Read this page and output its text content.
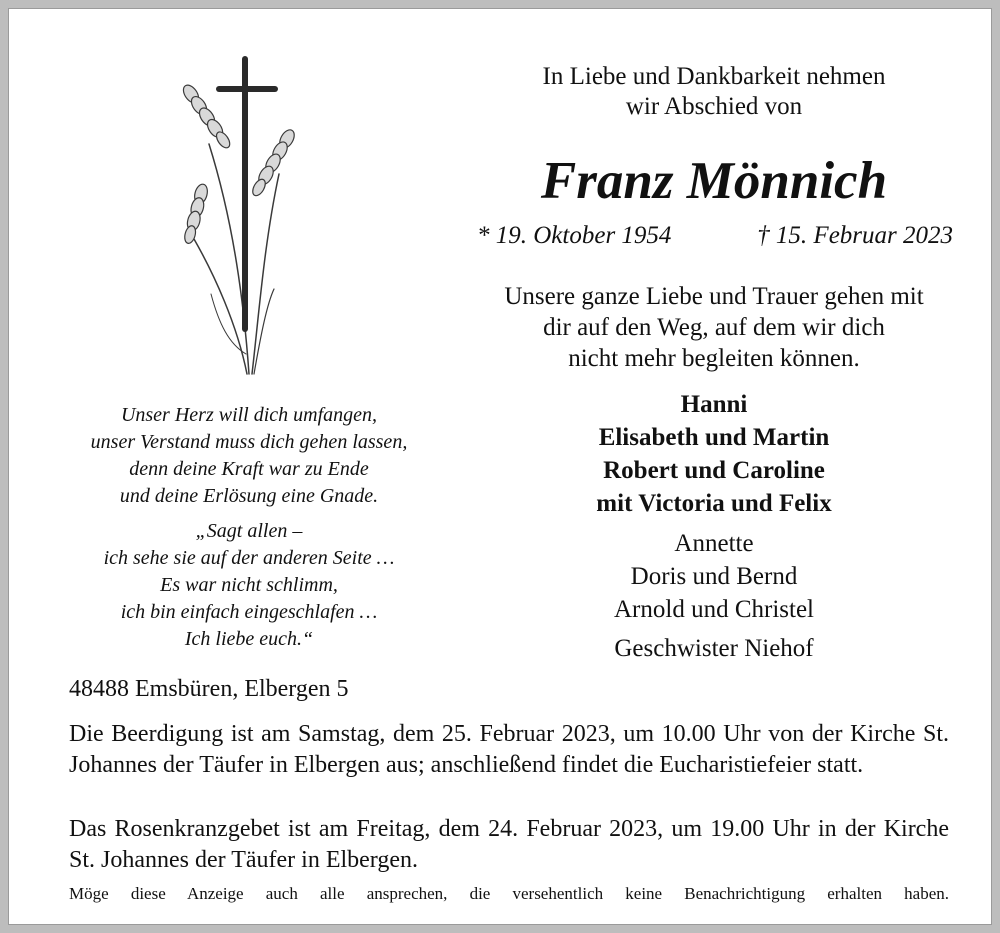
In Liebe und Dankbarkeit nehmen
wir Abschied von
Franz Mönnich
* 19. Oktober 1954	† 15. Februar 2023
Unsere ganze Liebe und Trauer gehen mit
dir auf den Weg, auf dem wir dich
nicht mehr begleiten können.
Hanni
Elisabeth und Martin
Robert und Caroline
mit Victoria und Felix
Annette
Doris und Bernd
Arnold und Christel
Geschwister Niehof
Unser Herz will dich umfangen,
unser Verstand muss dich gehen lassen,
denn deine Kraft war zu Ende
und deine Erlösung eine Gnade.
„Sagt allen –
ich sehe sie auf der anderen Seite …
Es war nicht schlimm,
ich bin einfach eingeschlafen …
Ich liebe euch.“
48488 Emsbüren, Elbergen 5
Die Beerdigung ist am Samstag, dem 25. Februar 2023, um 10.00 Uhr von der Kirche St. Johannes der Täufer in Elbergen aus; anschließend findet die Eucharistiefeier statt.
Das Rosenkranzgebet ist am Freitag, dem 24. Februar 2023, um 19.00 Uhr in der Kirche St. Johannes der Täufer in Elbergen.
Möge diese Anzeige auch alle ansprechen, die versehentlich keine Benachrichtigung erhalten haben.
